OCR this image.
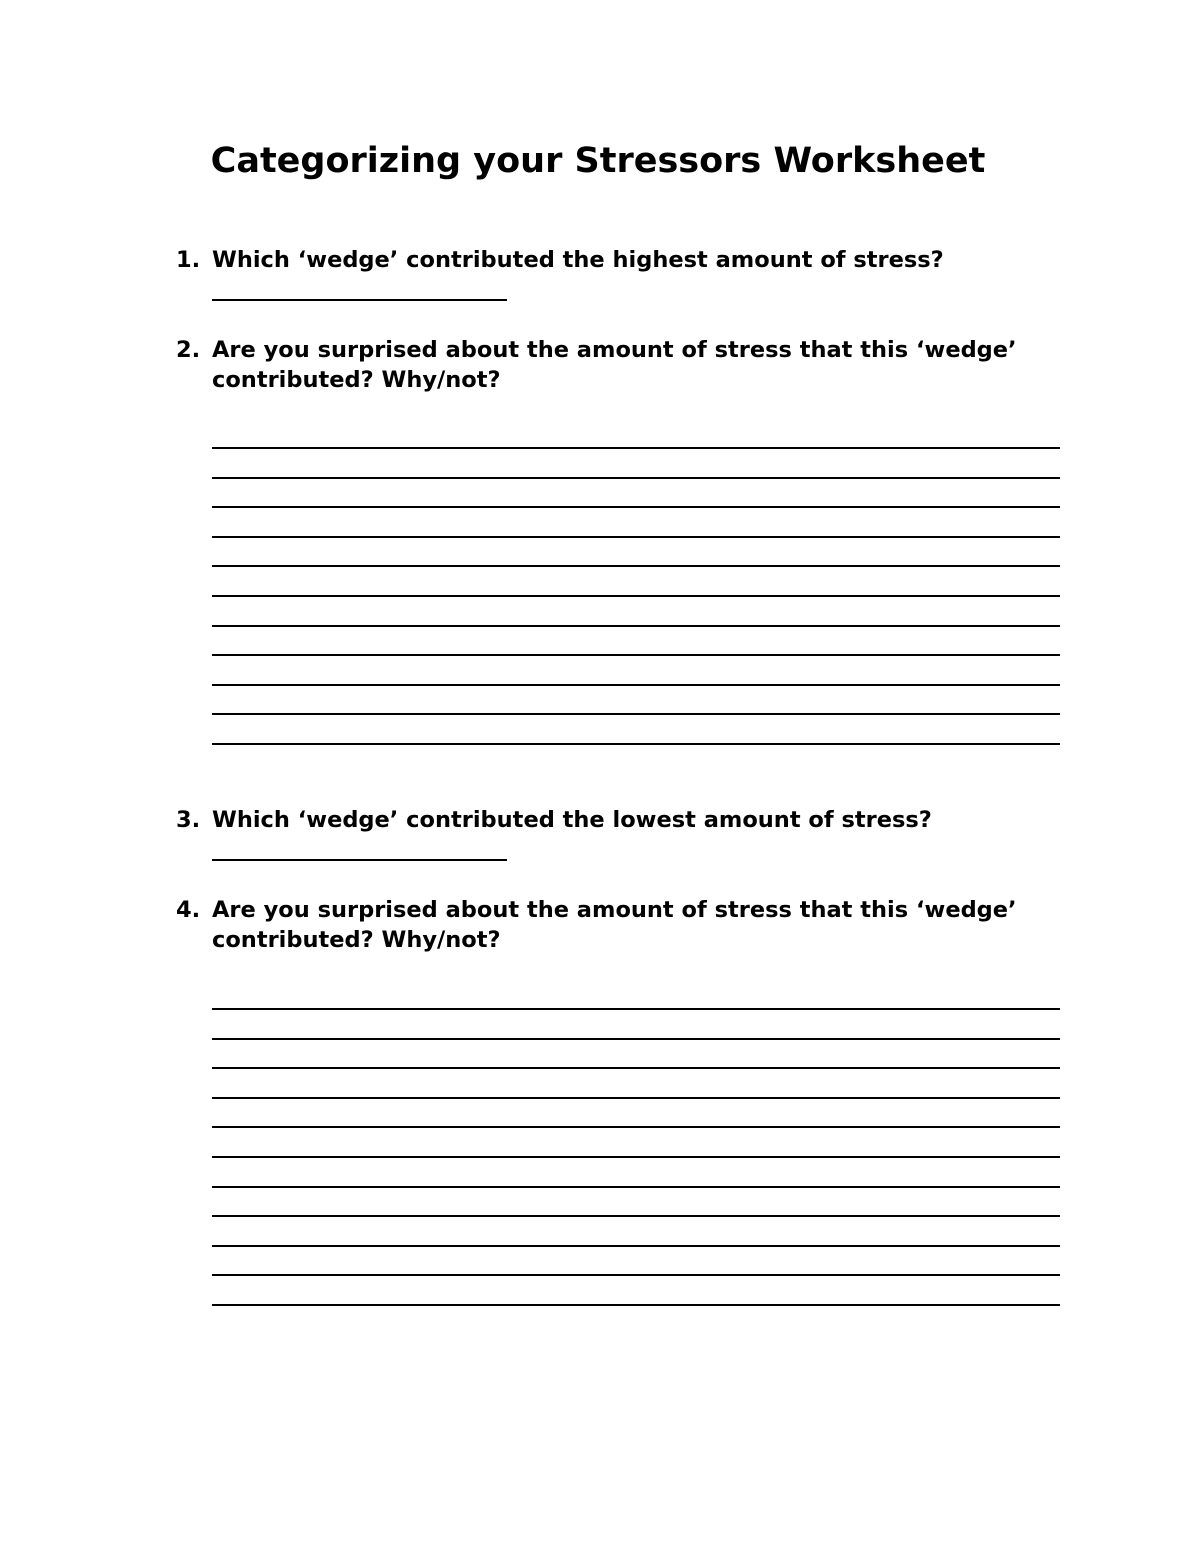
Categorizing your Stressors Worksheet
1. Which ‘wedge’ contributed the highest amount of stress?
2. Are you surprised about the amount of stress that this ‘wedge’ contributed? Why/not?
3. Which ‘wedge’ contributed the lowest amount of stress?
4. Are you surprised about the amount of stress that this ‘wedge’ contributed? Why/not?
